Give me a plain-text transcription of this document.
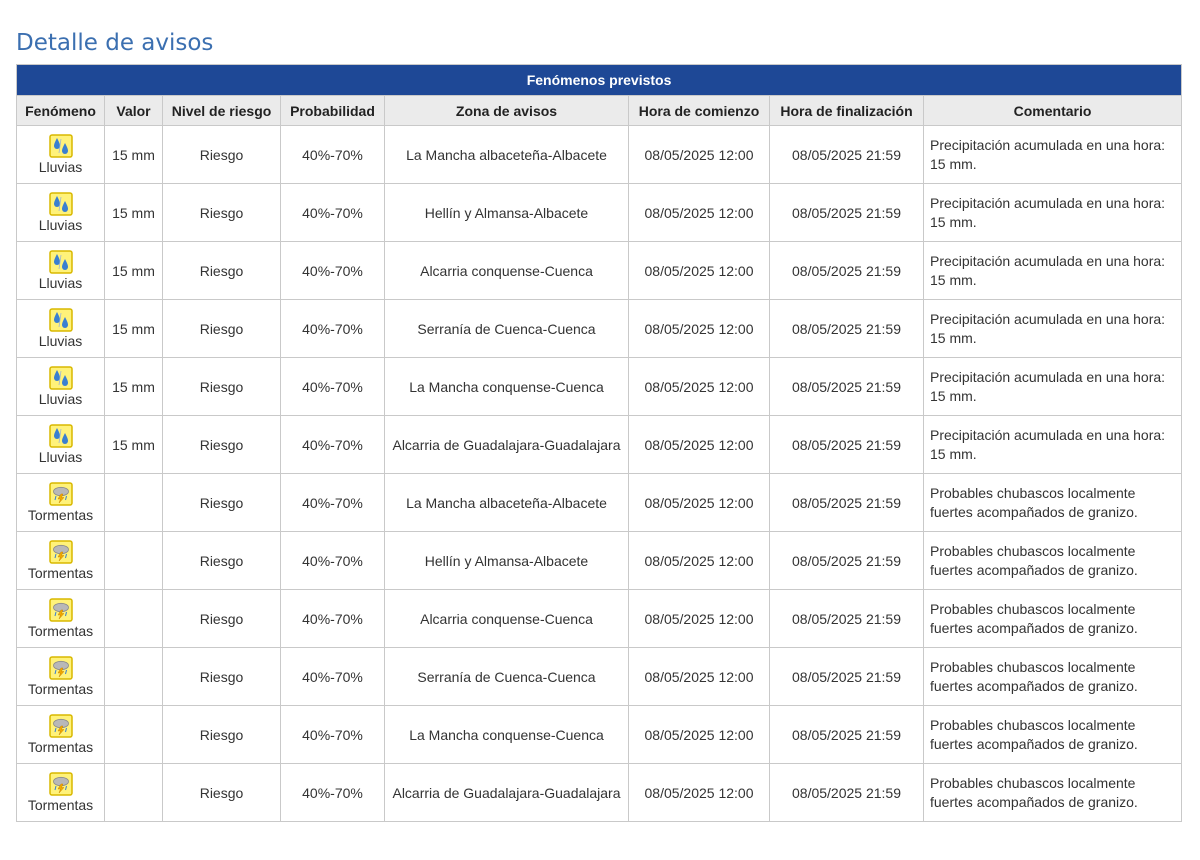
Detalle de avisos
Fenómenos previstos							
Fenómeno	Valor	Nivel de riesgo	Probabilidad	Zona de avisos	Hora de comienzo	Hora de finalización	Comentario

Lluvias	15 mm	Riesgo	40%-70%	La Mancha albaceteña-Albacete	08/05/2025 12:00	08/05/2025 21:59	Precipitación acumulada en una hora: 15 mm.

Lluvias	15 mm	Riesgo	40%-70%	Hellín y Almansa-Albacete	08/05/2025 12:00	08/05/2025 21:59	Precipitación acumulada en una hora: 15 mm.

Lluvias	15 mm	Riesgo	40%-70%	Alcarria conquense-Cuenca	08/05/2025 12:00	08/05/2025 21:59	Precipitación acumulada en una hora: 15 mm.

Lluvias	15 mm	Riesgo	40%-70%	Serranía de Cuenca-Cuenca	08/05/2025 12:00	08/05/2025 21:59	Precipitación acumulada en una hora: 15 mm.

Lluvias	15 mm	Riesgo	40%-70%	La Mancha conquense-Cuenca	08/05/2025 12:00	08/05/2025 21:59	Precipitación acumulada en una hora: 15 mm.

Lluvias	15 mm	Riesgo	40%-70%	Alcarria de Guadalajara-Guadalajara	08/05/2025 12:00	08/05/2025 21:59	Precipitación acumulada en una hora: 15 mm.

Tormentas		Riesgo	40%-70%	La Mancha albaceteña-Albacete	08/05/2025 12:00	08/05/2025 21:59	Probables chubascos localmente fuertes acompañados de granizo.

Tormentas		Riesgo	40%-70%	Hellín y Almansa-Albacete	08/05/2025 12:00	08/05/2025 21:59	Probables chubascos localmente fuertes acompañados de granizo.

Tormentas		Riesgo	40%-70%	Alcarria conquense-Cuenca	08/05/2025 12:00	08/05/2025 21:59	Probables chubascos localmente fuertes acompañados de granizo.

Tormentas		Riesgo	40%-70%	Serranía de Cuenca-Cuenca	08/05/2025 12:00	08/05/2025 21:59	Probables chubascos localmente fuertes acompañados de granizo.

Tormentas		Riesgo	40%-70%	La Mancha conquense-Cuenca	08/05/2025 12:00	08/05/2025 21:59	Probables chubascos localmente fuertes acompañados de granizo.

Tormentas		Riesgo	40%-70%	Alcarria de Guadalajara-Guadalajara	08/05/2025 12:00	08/05/2025 21:59	Probables chubascos localmente fuertes acompañados de granizo.
